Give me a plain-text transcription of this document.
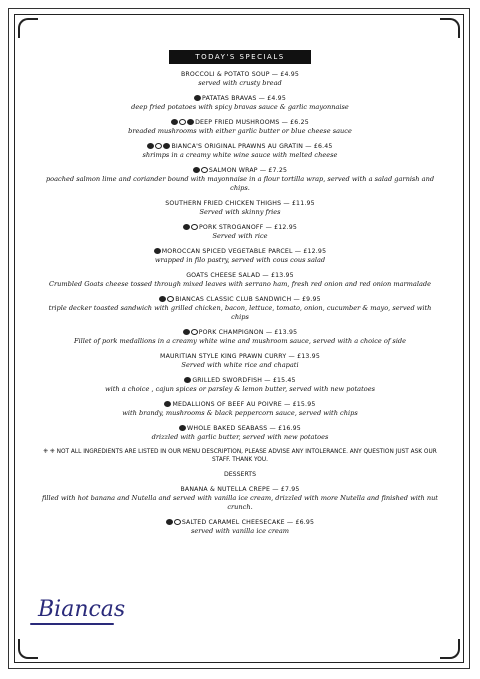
TODAY'S SPECIALS
BROCCOLI & POTATO SOUP — £4.95
served with crusty bread
PATATAS BRAVAS — £4.95
deep fried potatoes with spicy bravas sauce & garlic mayonnaise
DEEP FRIED MUSHROOMS — £6.25
breaded mushrooms with either garlic butter or blue cheese sauce
BIANCA'S ORIGINAL PRAWNS AU GRATIN — £6.45
shrimps in a creamy white wine sauce with melted cheese
SALMON WRAP — £7.25
poached salmon lime and coriander bound with mayonnaise in a flour tortilla wrap, served with a salad garnish and chips.
SOUTHERN FRIED CHICKEN THIGHS — £11.95
Served with skinny fries
PORK STROGANOFF — £12.95
Served with rice
MOROCCAN SPICED VEGETABLE PARCEL — £12.95
wrapped in filo pastry, served with cous cous salad
GOATS CHEESE SALAD — £13.95
Crumbled Goats cheese tossed through mixed leaves with serrano ham, fresh red onion and red onion marmalade
BIANCAS CLASSIC CLUB SANDWICH — £9.95
triple decker toasted sandwich with grilled chicken, bacon, lettuce, tomato, onion, cucumber & mayo, served with chips
PORK CHAMPIGNON — £13.95
Fillet of pork medallions in a creamy white wine and mushroom sauce, served with a choice of side
MAURITIAN STYLE KING PRAWN CURRY — £13.95
Served with white rice and chapati
GRILLED SWORDFISH — £15.45
with a choice , cajun spices or parsley & lemon butter, served with new potatoes
MEDALLIONS OF BEEF AU POIVRE — £15.95
with brandy, mushrooms & black peppercorn sauce, served with chips
WHOLE BAKED SEABASS — £16.95
drizzled with garlic butter, served with new potatoes
⁜ ⁜ NOT ALL INGREDIENTS ARE LISTED IN OUR MENU DESCRIPTION, PLEASE ADVISE ANY INTOLERANCE. ANY QUESTION JUST ASK OUR STAFF. THANK YOU.
DESSERTS
BANANA & NUTELLA CREPE — £7.95
filled with hot banana and Nutella and served with vanilla ice cream, drizzled with more Nutella and finished with nut crunch.
SALTED CARAMEL CHEESECAKE — £6.95
served with vanilla ice cream
Biancas
